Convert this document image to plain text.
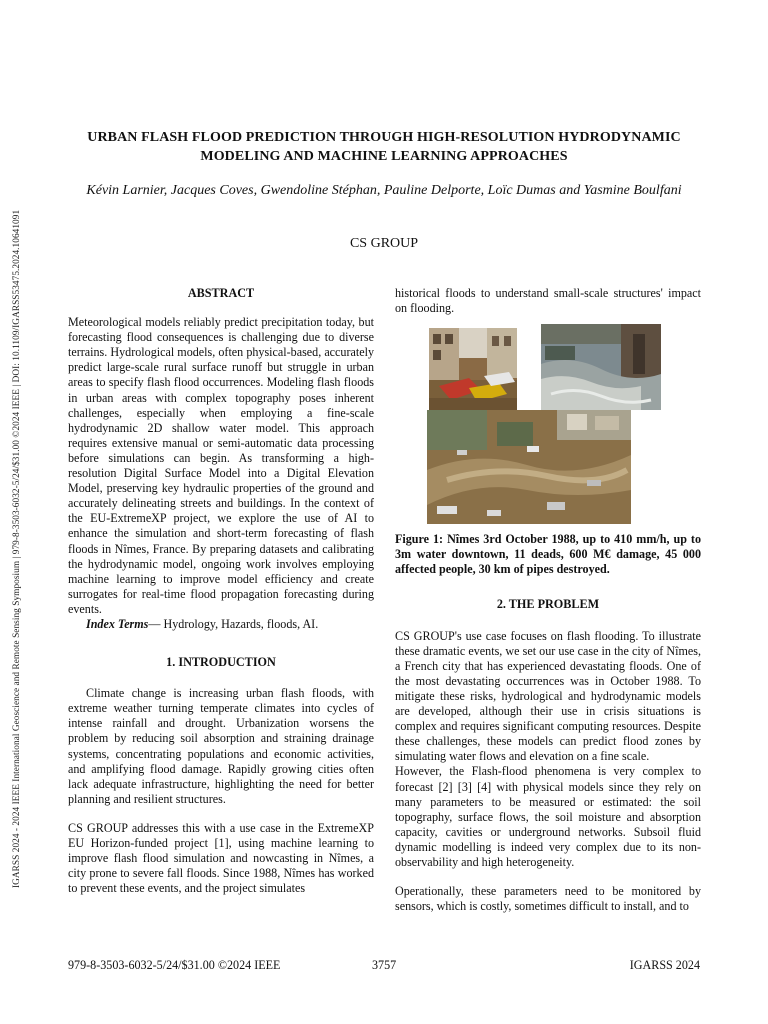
IGARSS 2024 - 2024 IEEE International Geoscience and Remote Sensing Symposium | 979-8-3503-6032-5/24/$31.00 ©2024 IEEE | DOI: 10.1109/IGARSS53475.2024.10641091
URBAN FLASH FLOOD PREDICTION THROUGH HIGH-RESOLUTION HYDRODYNAMIC MODELING AND MACHINE LEARNING APPROACHES
Kévin Larnier, Jacques Coves, Gwendoline Stéphan, Pauline Delporte, Loïc Dumas and Yasmine Boulfani
CS GROUP
ABSTRACT

Meteorological models reliably predict precipitation today, but forecasting flood consequences is challenging due to diverse terrains. Hydrological models, often physical-based, accurately predict large-scale rural surface runoff but struggle in urban areas to specify flash flood occurrences. Modeling flash floods in urban areas with complex topography poses inherent challenges, especially when employing a fine-scale hydrodynamic 2D shallow water model. This approach requires extensive manual or semi-automatic data processing before simulations can begin. As transforming a high-resolution Digital Surface Model into a Digital Elevation Model, preserving key hydraulic properties of the ground and accurately delineating streets and buildings. In the context of the EU-ExtremeXP project, we explore the use of AI to enhance the simulation and short-term forecasting of flash floods in Nîmes, France. By preparing datasets and calibrating the hydrodynamic model, ongoing work involves employing machine learning to improve model efficiency and create surrogates for real-time flood propagation forecasting during events.

Index Terms— Hydrology, Hazards, floods, AI.

1. INTRODUCTION

Climate change is increasing urban flash floods, with extreme weather turning temperate climates into cycles of intense rainfall and drought. Urbanization worsens the problem by reducing soil absorption and straining drainage systems, concentrating populations and economic activities, and amplifying flood damage. Rapidly growing cities often lack adequate infrastructure, highlighting the need for better planning and resilient structures.

CS GROUP addresses this with a use case in the ExtremeXP EU Horizon-funded project [1], using machine learning to improve flash flood simulation and nowcasting in Nîmes, a city prone to severe fall floods. Since 1988, Nîmes has worked to prevent these events, and the project simulates

historical floods to understand small-scale structures' impact on flooding.

Figure 1: Nîmes 3rd October 1988, up to 410 mm/h, up to 3m water downtown, 11 deads, 600 M€ damage, 45 000 affected people, 30 km of pipes destroyed.

2. THE PROBLEM

CS GROUP's use case focuses on flash flooding. To illustrate these dramatic events, we set our use case in the city of Nîmes, a French city that has experienced devastating floods. One of the most devastating occurrences was in October 1988. To mitigate these risks, hydrological and hydrodynamic models are developed, although their use in crisis situations is complex and requires significant computing resources. Despite these challenges, these models can predict flood zones by simulating water flows and elevation on a fine scale.

However, the Flash-flood phenomena is very complex to forecast [2] [3] [4] with physical models since they rely on many parameters to be measured or estimated: the soil topography, surface flows, the soil moisture and absorption capacity, cavities or underground networks. Subsoil fluid dynamic modelling is indeed very complex due to its non-observability and high heterogeneity.

Operationally, these parameters need to be monitored by sensors, which is costly, sometimes difficult to install, and to

979-8-3503-6032-5/24/$31.00 ©2024 IEEE	3757	IGARSS 2024
